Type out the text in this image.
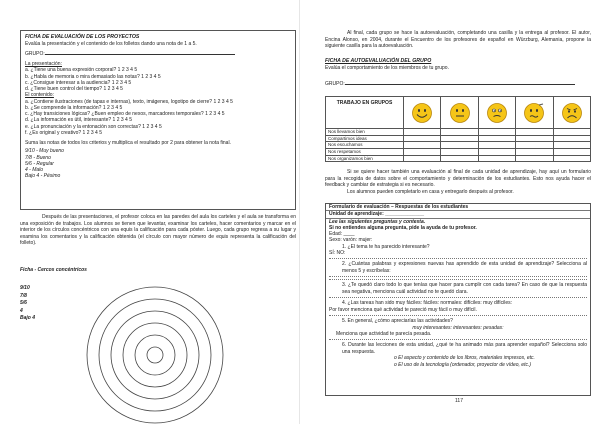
FICHA DE EVALUACIÓN DE LOS PROYECTOS
Evalúa la presentación y el contenido de los folletos dando una nota de 1 a 5.
GRUPO:
La presentación:
a. ¿Tiene una buena expresión corporal? 1 2 3 4 5
b. ¿Habla de memoria o mira demasiado las notas? 1 2 3 4 5
c. ¿Consigue interesar a la audiencia? 1 2 3 4 5
d. ¿Tiene buen control del tiempo? 1 2 3 4 5
El contenido:
a. ¿Contiene ilustraciones (de tapas e internas), texto, imágenes, logotipo de cierre? 1 2 3 4 5
b. ¿Se comprende la información? 1 2 3 4 5
c. ¿Hay transiciones lógicas? ¿Buen empleo de nexos, marcadores temporales? 1 2 3 4 5
d. ¿La información es útil, interesante? 1 2 3 4 5
e. ¿La pronunciación y la entonación son correctas? 1 2 3 4 5
f. ¿Es original y creativo? 1 2 3 4 5
Suma las notas de todos los criterios y multiplica el resultado por 2 para obtener la nota final.
9/10 - Muy bueno
7/8 - Bueno
5/6 - Regular
4 - Malo
Bajo 4 - Pésimo
Después de las presentaciones, el profesor coloca en las paredes del aula los carteles y el aula se transforma en una exposición de trabajos. Los alumnos se tienen que levantar, examinar los carteles, hacer comentarios y marcar en el interior de los círculos concéntricos con una equis la calificación para cada póster. Luego, cada grupo regresa a su lugar y examina los comentarios y la calificación obtenida (el círculo con mayor número de equis representa la calificación del folleto).
Ficha - Cercos concéntricos
9/10
7/8
5/6
4
Bajo 4
Al final, cada grupo se hace la autoevaluación, completando una casilla y la entrega al profesor. El autor, Encina Alonso, en 2004, durante el Encuentro de los profesores de español en Würzburg, Alemania, propone la siguiente casilla para la autoevaluación.
FICHA DE AUTOEVALUACIÓN DEL GRUPO
Evalúa el comportamiento de los miembros de tu grupo.
GRUPO:
TRABAJO EN GRUPOS	

Nos llevamos bien					
Compartimos ideas					
Nos escuchamos					
Nos respetamos					
Nos organizamos bien					
Si se quiere hacer también una evaluación al final de cada unidad de aprendizaje, hay aquí un formulario para la recogida de datos sobre el comportamiento y determinación de los estudiantes. Esto nos ayuda hacer el feedback y cambiar de estrategia si es necesario.
Los alumnos pueden completarlo en casa y entregarlo después al profesor.
Formulario de evaluación – Respuestas de los estudiantes
Unidad de aprendizaje: ______________
Lee las siguientes preguntas y contesta.
Si no entiendes alguna pregunta, pide la ayuda de tu profesor.
Edad: ____
Sexo: varón: mujer:
1. ¿El tema te ha parecido interesante?
SÍ: NO:
2. ¿Cuántas palabras y expresiones nuevas has aprendido de esta unidad de aprendizaje? Selecciona al menos 5 y escríbelas:
3. ¿Te quedó claro todo lo que tenías que hacer para cumplir con cada tarea? En caso de que la respuesta sea negativa, menciona cuál actividad no te quedó clara.
4. ¿Las tareas han sido muy fáciles: fáciles: normales: difíciles: muy difíciles:
Por favor menciona qué actividad te pareció muy fácil o muy difícil.
5. En general, ¿cómo apreciarías las actividades?
muy interesantes: interesantes: pesadas:
Menciona que actividad te parecía pesada.
6. Durante las lecciones de esta unidad, ¿qué te ha animado más para aprender español? Selecciona solo una respuesta.
o El aspecto y contenido de los libros, materiales impresos, etc.
o El uso de la tecnología (ordenador, proyector de vídeo, etc.)
117
